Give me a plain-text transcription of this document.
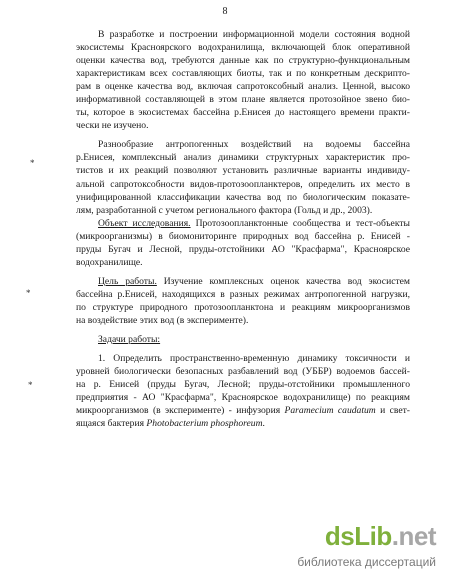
8
В разработке и построении информационной модели состояния водной
экосистемы Красноярского водохранилища, включающей блок оперативной
оценки качества вод, требуются данные как по структурно-функциональным
характеристикам всех составляющих биоты, так и по конкретным дескрипто-
рам в оценке качества вод, включая сапротоксобный анализ. Ценной, высоко
информативной составляющей в этом плане является протозойное звено био-
ты, которое в экосистемах бассейна р.Енисея до настоящего времени практи-
чески не изучено.
Разнообразие антропогенных воздействий на водоемы бассейна
р.Енисея, комплексный анализ динамики структурных характеристик про-
тистов и их реакций позволяют установить различные варианты индивиду-
альной сапротоксобности видов-протозоопланктеров, определить их место в
унифицированной классификации качества вод по биологическим показате-
лям, разработанной с учетом регионального фактора (Гольд и др., 2003).
Объект исследования. Протозоопланктонные сообщества и тест-объекты
(микроорганизмы) в биомониторинге природных вод бассейна р. Енисей -
пруды Бугач и Лесной, пруды-отстойники АО "Красфарма", Красноярское
водохранилище.
Цель работы. Изучение комплексных оценок качества вод экосистем
бассейна р.Енисей, находящихся в разных режимах антропогенной нагрузки,
по структуре природного протозоопланктона и реакциям микроорганизмов
на воздействие этих вод (в эксперименте).
Задачи работы:
1. Определить пространственно-временную динамику токсичности и
уровней биологически безопасных разбавлений вод (УББР) водоемов бассей-
на р. Енисей (пруды Бугач, Лесной; пруды-отстойники промышленного
предприятия - АО "Красфарма", Красноярское водохранилище) по реакциям
микроорганизмов (в эксперименте) - инфузория Paramecium caudatum и свет-
ящаяся бактерия Photobacterium phosphoreum.
*
*
*
dsLib.net
библиотека диссертаций
